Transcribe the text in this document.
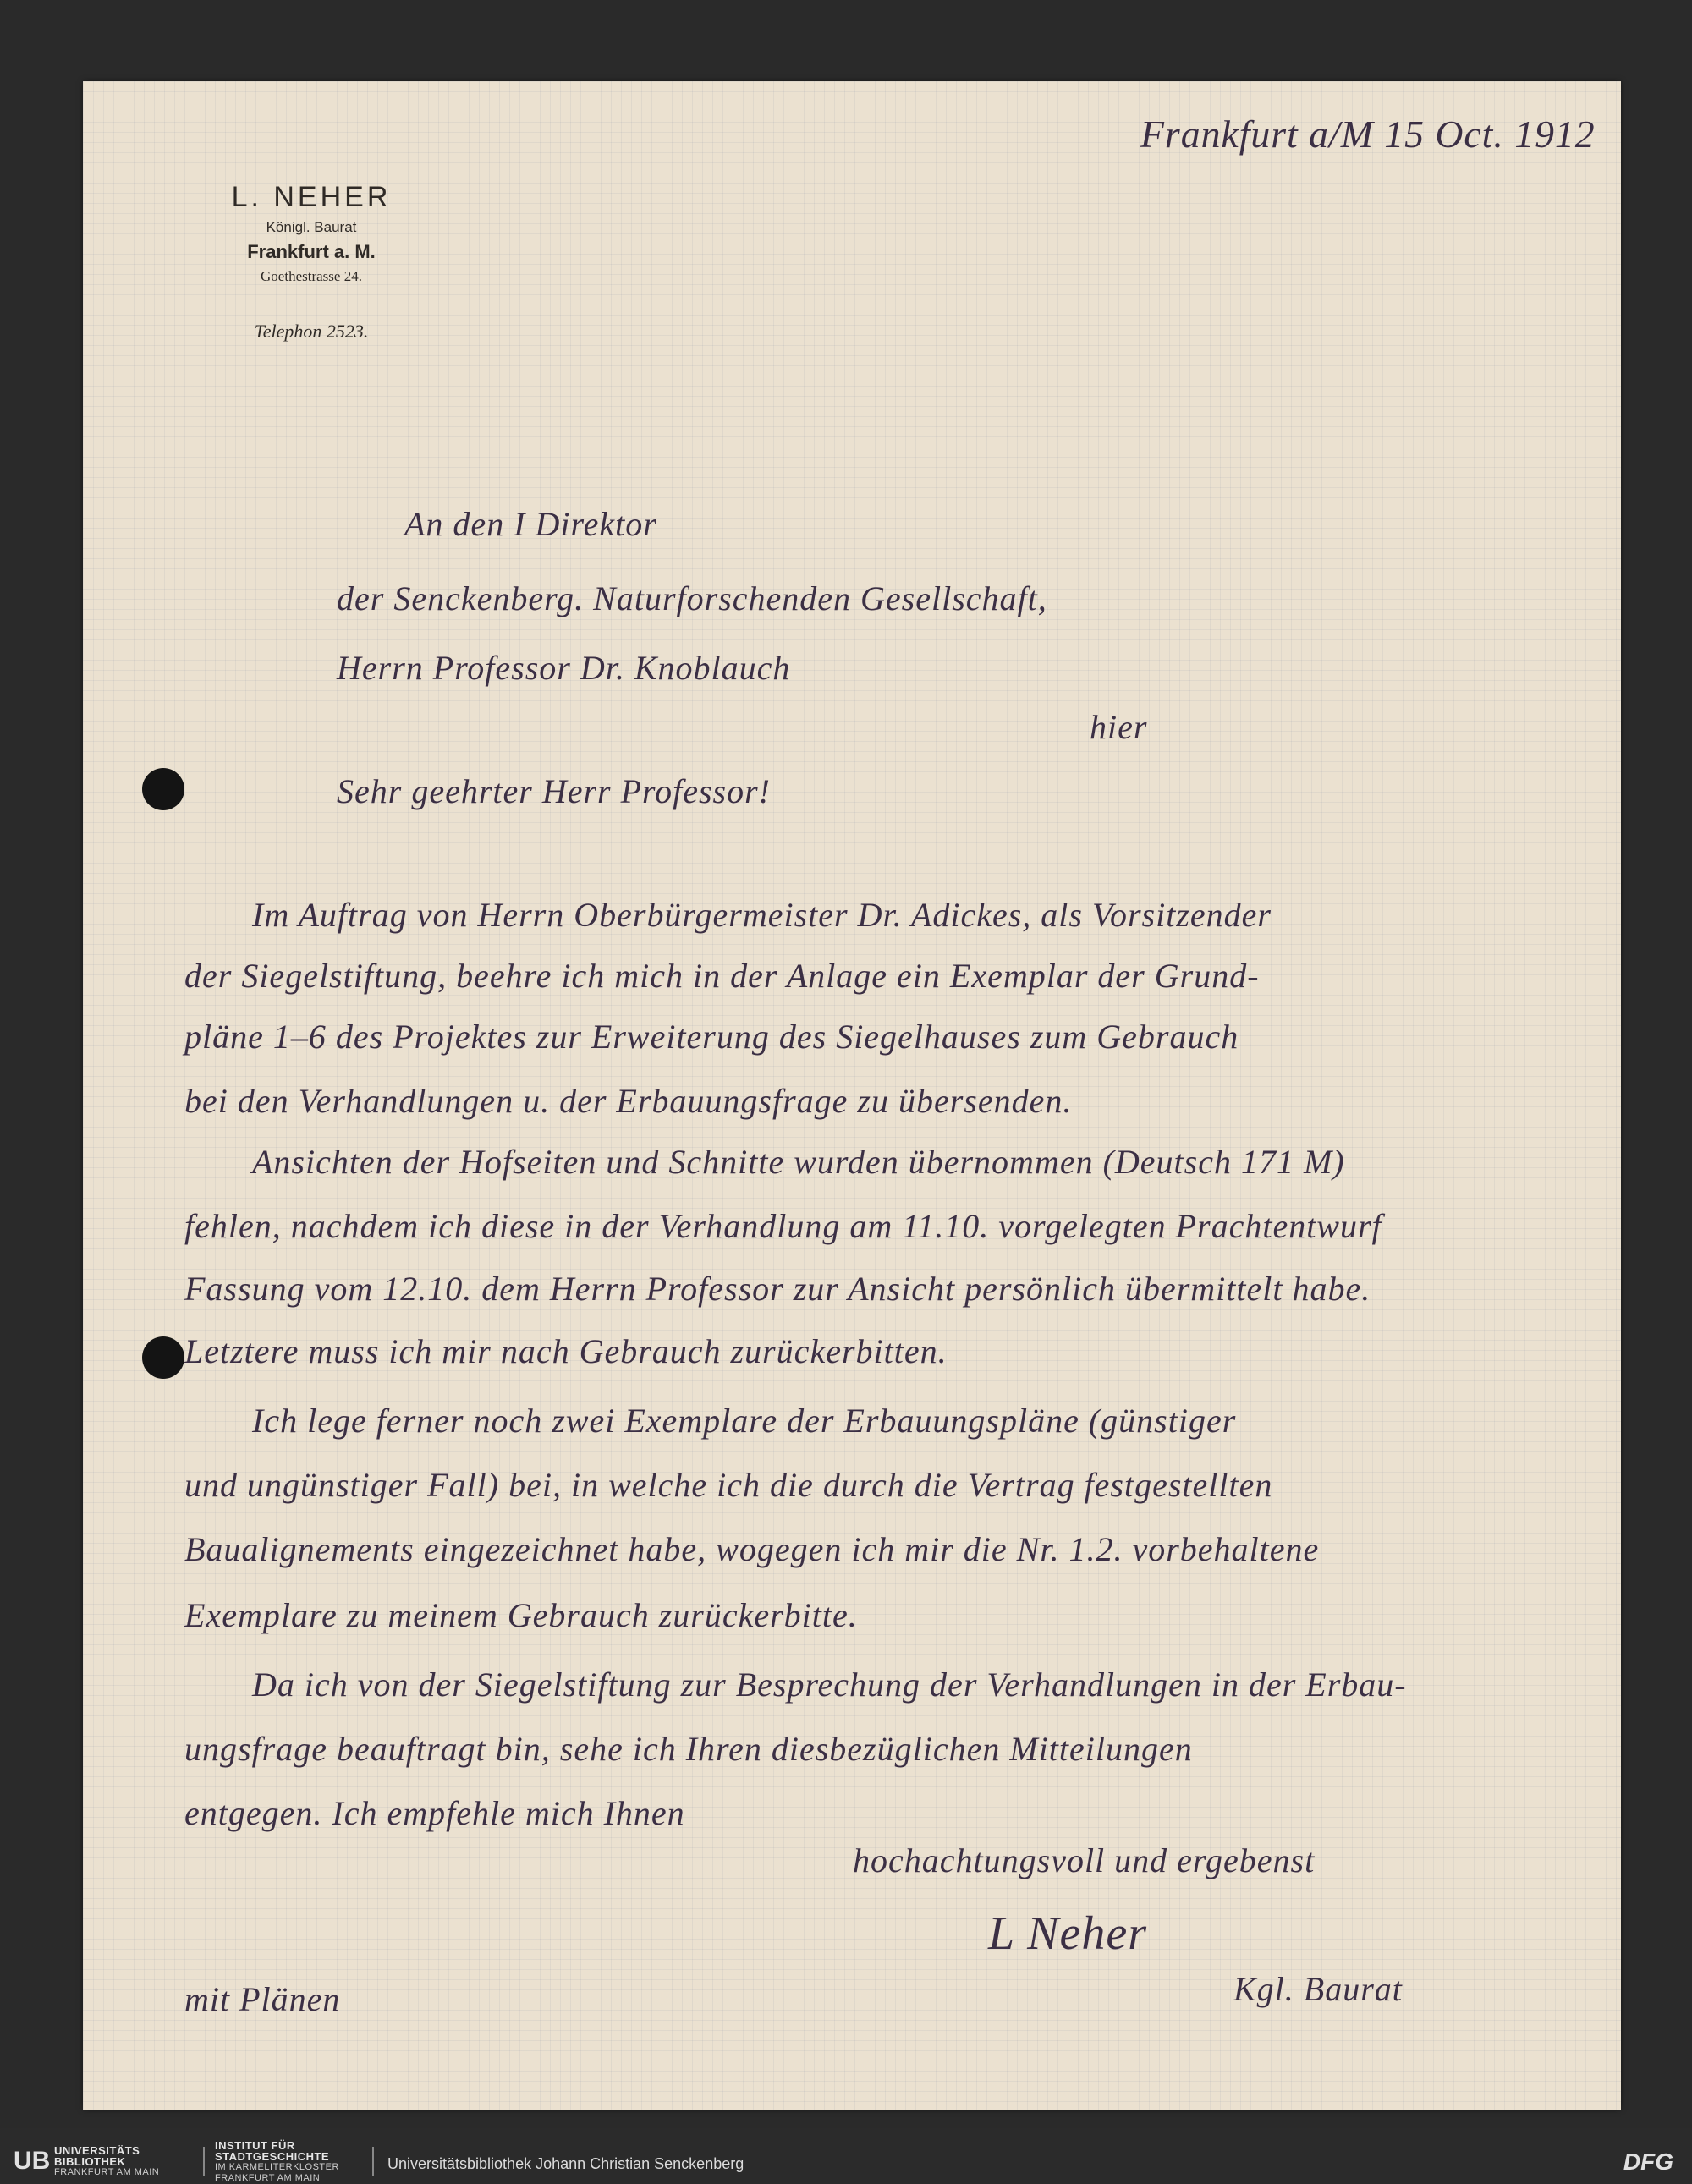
L. NEHER
Königl. Baurat
Frankfurt a. M.
Goethestrasse 24.
Telephon 2523.
Frankfurt a/M 15 Oct. 1912
An den I Direktor
der Senckenberg. Naturforschenden Gesellschaft,
Herrn Professor Dr. Knoblauch
hier
Sehr geehrter Herr Professor!
Im Auftrag von Herrn Oberbürgermeister Dr. Adickes, als Vorsitzender
der Siegelstiftung, beehre ich mich in der Anlage ein Exemplar der Grund-
pläne 1–6 des Projektes zur Erweiterung des Siegelhauses zum Gebrauch
bei den Verhandlungen u. der Erbauungsfrage zu übersenden.
Ansichten der Hofseiten und Schnitte wurden übernommen (Deutsch 171 M)
fehlen, nachdem ich diese in der Verhandlung am 11.10. vorgelegten Prachtentwurf
Fassung vom 12.10. dem Herrn Professor zur Ansicht persönlich übermittelt habe.
Letztere muss ich mir nach Gebrauch zurückerbitten.
Ich lege ferner noch zwei Exemplare der Erbauungspläne (günstiger
und ungünstiger Fall) bei, in welche ich die durch die Vertrag festgestellten
Baualignements eingezeichnet habe, wogegen ich mir die Nr. 1.2. vorbehaltene
Exemplare zu meinem Gebrauch zurückerbitte.
Da ich von der Siegelstiftung zur Besprechung der Verhandlungen in der Erbau-
ungsfrage beauftragt bin, sehe ich Ihren diesbezüglichen Mitteilungen
entgegen. Ich empfehle mich Ihnen
hochachtungsvoll und ergebenst
L Neher
Kgl. Baurat
mit Plänen
UB UNIVERSITÄTS
BIBLIOTHEK
FRANKFURT AM MAIN
INSTITUT FÜR
STADTGESCHICHTE
IM KARMELITERKLOSTER
FRANKFURT AM MAIN
Universitätsbibliothek Johann Christian Senckenberg	DFG
